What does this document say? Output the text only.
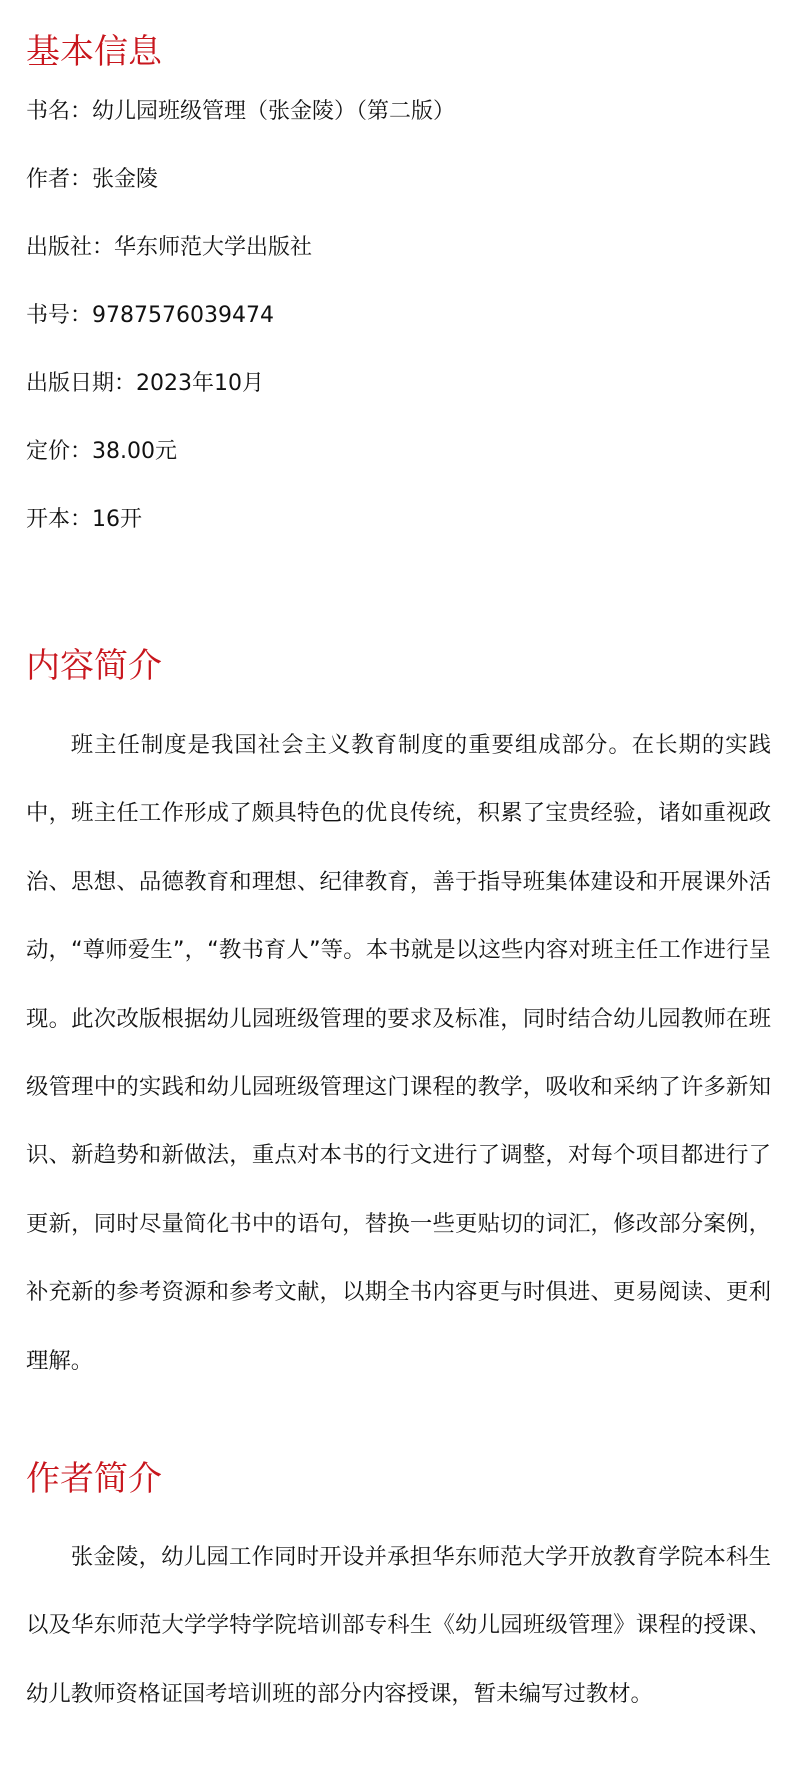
基本信息

书名：幼儿园班级管理（张金陵）（第二版）

作者：张金陵

出版社：华东师范大学出版社

书号：9787576039474

出版日期：2023年10月

定价：38.00元

开本：16开

内容简介

班主任制度是我国社会主义教育制度的重要组成部分。在长期的实践中，班主任工作形成了颇具特色的优良传统，积累了宝贵经验，诸如重视政治、思想、品德教育和理想、纪律教育，善于指导班集体建设和开展课外活动，“尊师爱生”，“教书育人”等。本书就是以这些内容对班主任工作进行呈现。此次改版根据幼儿园班级管理的要求及标准，同时结合幼儿园教师在班级管理中的实践和幼儿园班级管理这门课程的教学，吸收和采纳了许多新知识、新趋势和新做法，重点对本书的行文进行了调整，对每个项目都进行了更新，同时尽量简化书中的语句，替换一些更贴切的词汇，修改部分案例，补充新的参考资源和参考文献，以期全书内容更与时俱进、更易阅读、更利理解。

作者简介

张金陵，幼儿园工作同时开设并承担华东师范大学开放教育学院本科生以及华东师范大学学特学院培训部专科生《幼儿园班级管理》课程的授课、幼儿教师资格证国考培训班的部分内容授课，暂未编写过教材。
